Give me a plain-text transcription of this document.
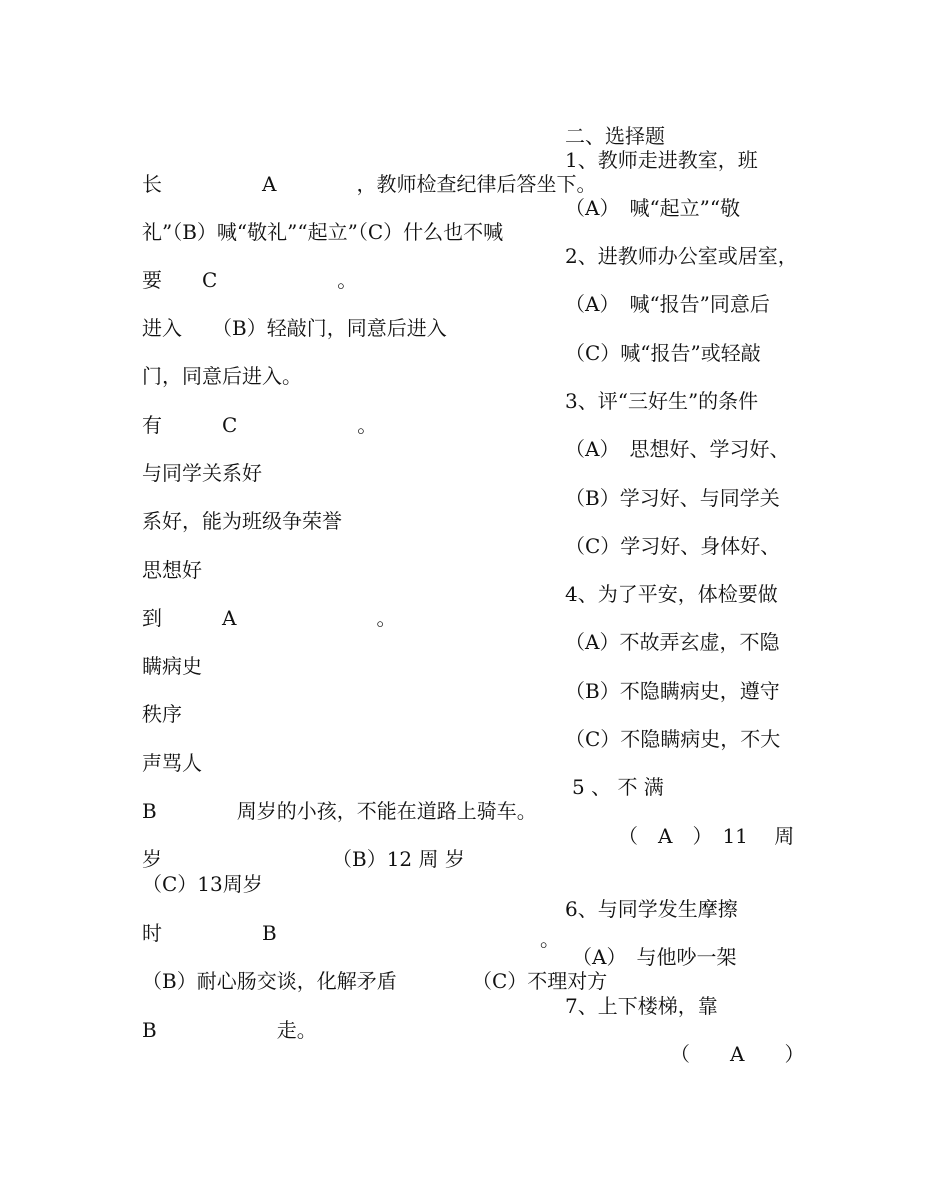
长　　　　　A　　　　，教师检查纪律后答坐下。

礼”（B）喊“敬礼”“起立”（C）什么也不喊

要　　C　　　　　　。

进入　　（B）轻敲门，同意后进入

门，同意后进入。

有　　　C　　　　　　。

与同学关系好

系好，能为班级争荣誉

思想好

到　　　A　　　　　　　。

瞒病史

秩序

声骂人

B　　　　周岁的小孩，不能在道路上骑车。

岁　　　　　　　　　（B）12 周 岁

（C）13周岁

时　　　　　B	。

（B）耐心肠交谈，化解矛盾	（C）不理对方

B　　　　　　走。

二、选择题

1、教师走进教室，班

（A）　喊“起立”“敬

2、进教师办公室或居室，

（A）　喊“报告”同意后

（C）喊“报告”或轻敲

3、评“三好生”的条件

（A）　思想好、学习好、

（B）学习好、与同学关

（C）学习好、身体好、

4、为了平安，体检要做

（A）不故弄玄虚，不隐

（B）不隐瞒病史，遵守

（C）不隐瞒病史，不大

5 、 不 满

（　A　）　11　 周

6、与同学发生摩擦

（A）　与他吵一架

7、上下楼梯，靠

（　　A　　）
